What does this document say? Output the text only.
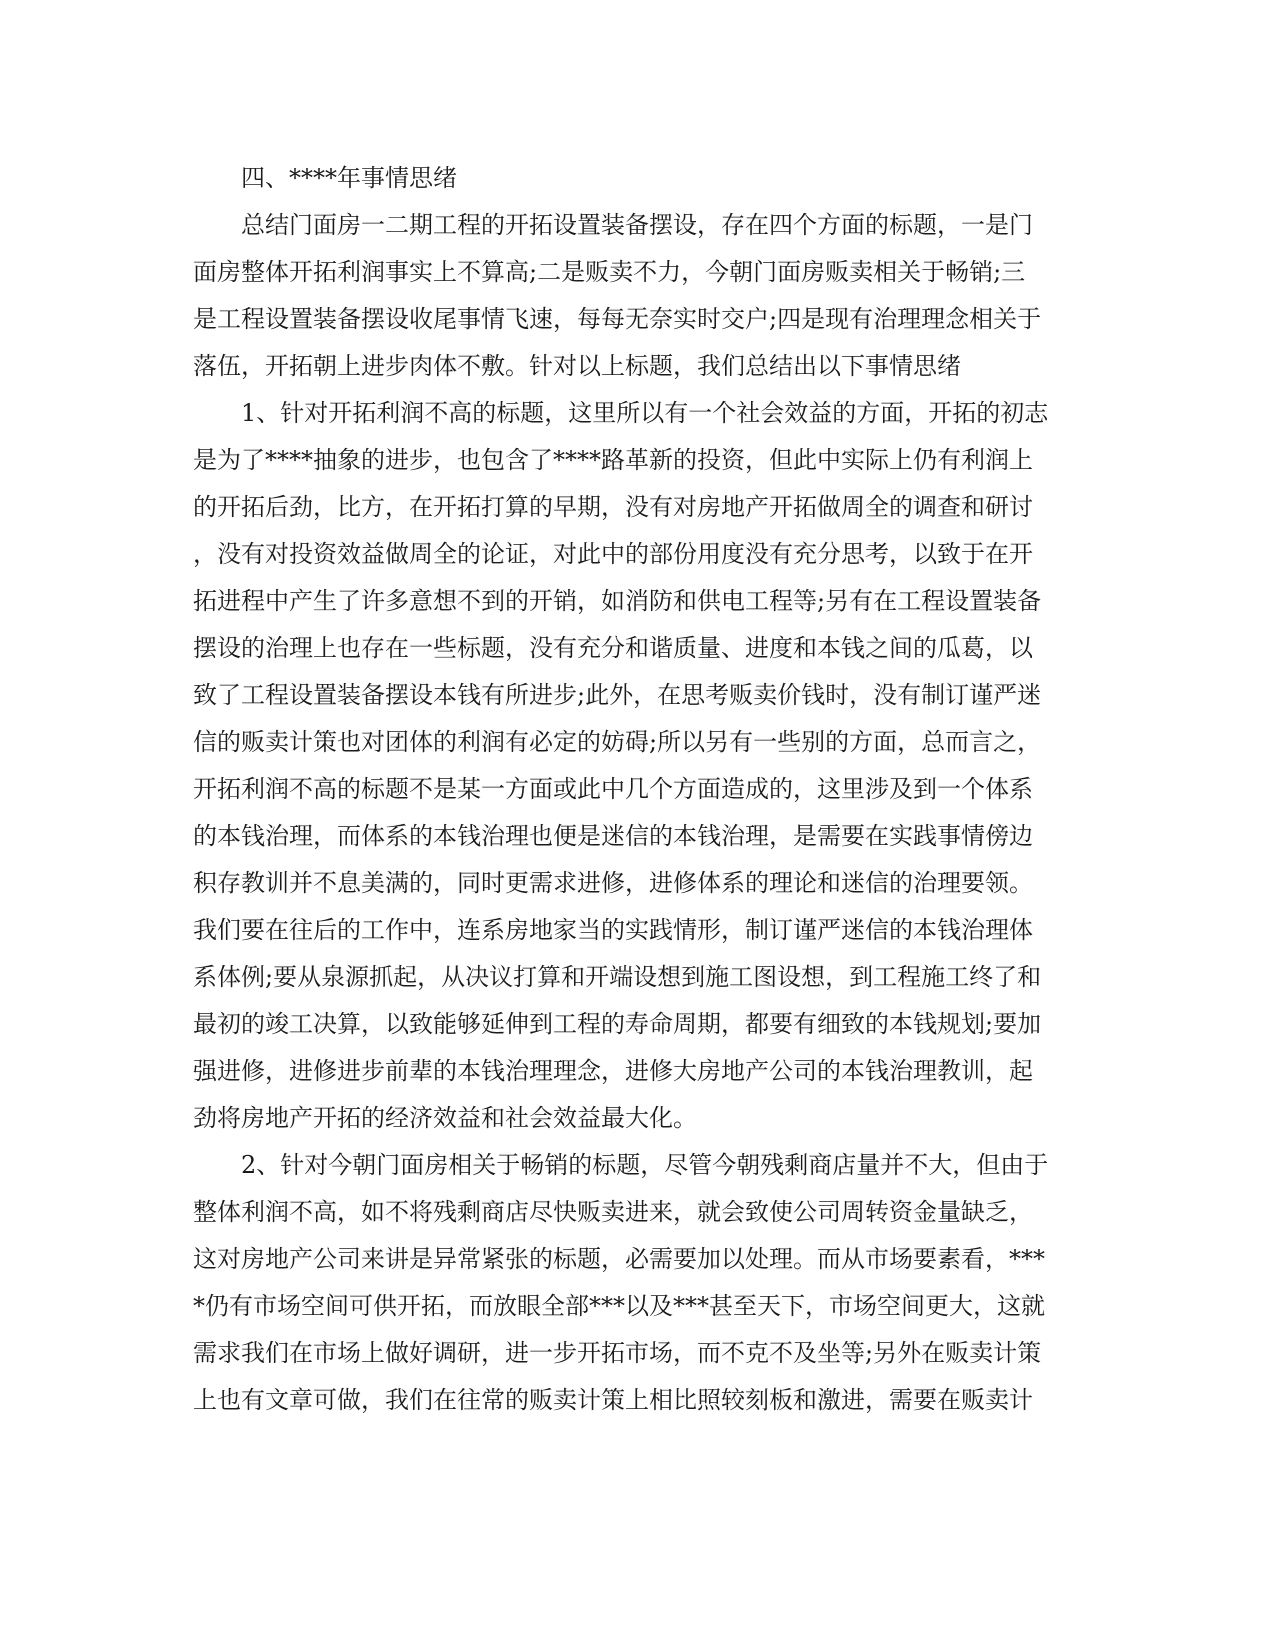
四、****年事情思绪
总结门面房一二期工程的开拓设置装备摆设，存在四个方面的标题，一是门
面房整体开拓利润事实上不算高;二是贩卖不力，今朝门面房贩卖相关于畅销;三
是工程设置装备摆设收尾事情飞速，每每无奈实时交户;四是现有治理理念相关于
落伍，开拓朝上进步肉体不敷。针对以上标题，我们总结出以下事情思绪
1、针对开拓利润不高的标题，这里所以有一个社会效益的方面，开拓的初志
是为了****抽象的进步，也包含了****路革新的投资，但此中实际上仍有利润上
的开拓后劲，比方，在开拓打算的早期，没有对房地产开拓做周全的调查和研讨
，没有对投资效益做周全的论证，对此中的部份用度没有充分思考，以致于在开
拓进程中产生了许多意想不到的开销，如消防和供电工程等;另有在工程设置装备
摆设的治理上也存在一些标题，没有充分和谐质量、进度和本钱之间的瓜葛，以
致了工程设置装备摆设本钱有所进步;此外，在思考贩卖价钱时，没有制订谨严迷
信的贩卖计策也对团体的利润有必定的妨碍;所以另有一些别的方面，总而言之，
开拓利润不高的标题不是某一方面或此中几个方面造成的，这里涉及到一个体系
的本钱治理，而体系的本钱治理也便是迷信的本钱治理，是需要在实践事情傍边
积存教训并不息美满的，同时更需求进修，进修体系的理论和迷信的治理要领。
我们要在往后的工作中，连系房地家当的实践情形，制订谨严迷信的本钱治理体
系体例;要从泉源抓起，从决议打算和开端设想到施工图设想，到工程施工终了和
最初的竣工决算，以致能够延伸到工程的寿命周期，都要有细致的本钱规划;要加
强进修，进修进步前辈的本钱治理理念，进修大房地产公司的本钱治理教训，起
劲将房地产开拓的经济效益和社会效益最大化。
2、针对今朝门面房相关于畅销的标题，尽管今朝残剩商店量并不大，但由于
整体利润不高，如不将残剩商店尽快贩卖进来，就会致使公司周转资金量缺乏，
这对房地产公司来讲是异常紧张的标题，必需要加以处理。而从市场要素看，***
*仍有市场空间可供开拓，而放眼全部***以及***甚至天下，市场空间更大，这就
需求我们在市场上做好调研，进一步开拓市场，而不克不及坐等;另外在贩卖计策
上也有文章可做，我们在往常的贩卖计策上相比照较刻板和激进，需要在贩卖计
